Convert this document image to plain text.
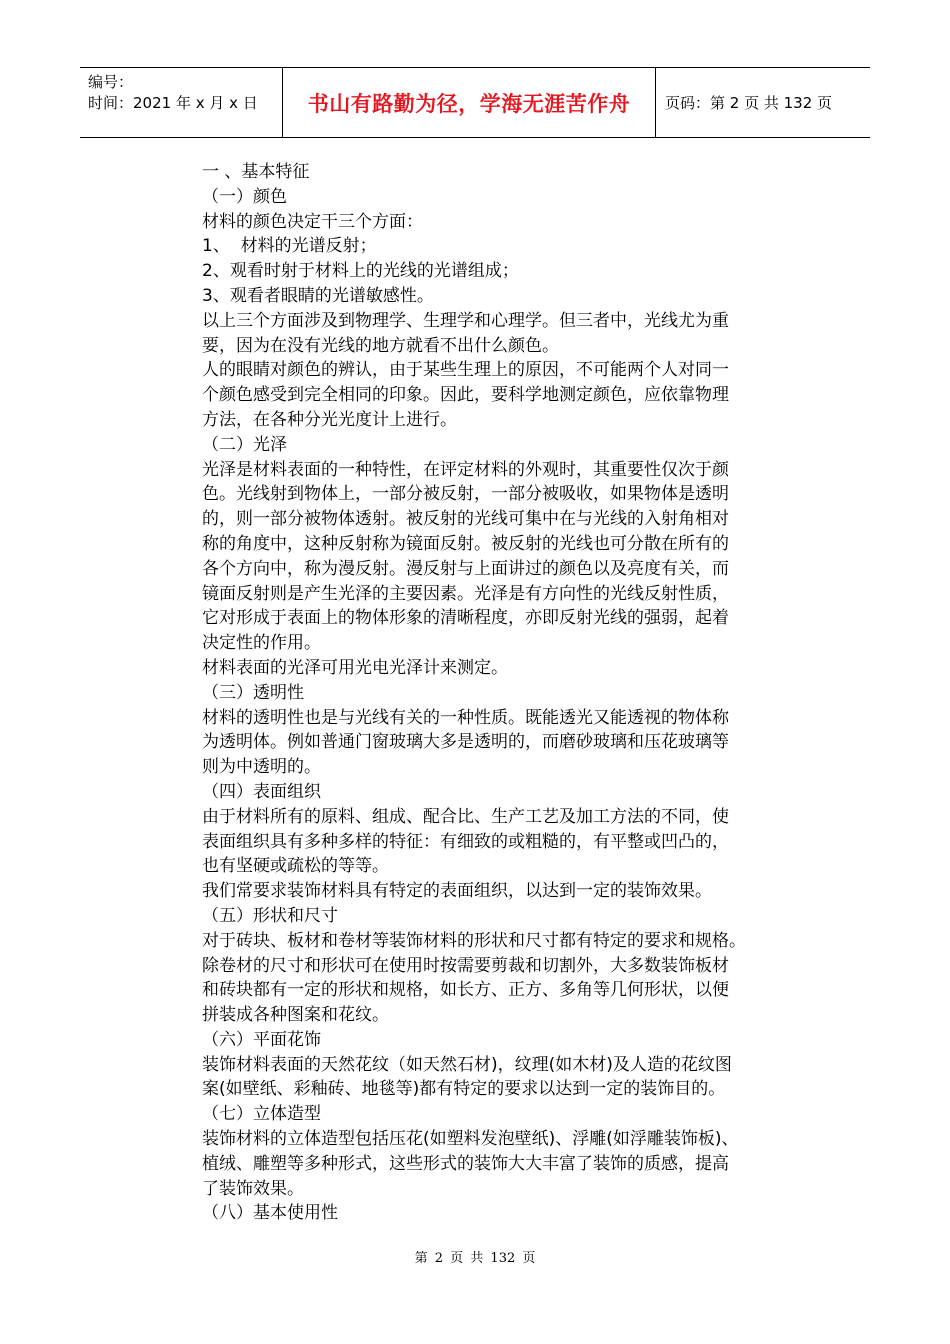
编号：
时间：2021 年 x 月 x 日	书山有路勤为径，学海无涯苦作舟	页码：第 2 页 共 132 页

一 、基本特征

（一）颜色

材料的颜色决定干三个方面：

1、  材料的光谱反射；

2、观看时射于材料上的光线的光谱组成；

3、观看者眼睛的光谱敏感性。

以上三个方面涉及到物理学、生理学和心理学。但三者中，光线尤为重

要，因为在没有光线的地方就看不出什么颜色。

人的眼睛对颜色的辨认，由于某些生理上的原因，不可能两个人对同一

个颜色感受到完全相同的印象。因此，要科学地测定颜色，应依靠物理

方法，在各种分光光度计上进行。

（二）光泽

光泽是材料表面的一种特性，在评定材料的外观时，其重要性仅次于颜

色。光线射到物体上，一部分被反射，一部分被吸收，如果物体是透明

的，则一部分被物体透射。被反射的光线可集中在与光线的入射角相对

称的角度中，这种反射称为镜面反射。被反射的光线也可分散在所有的

各个方向中，称为漫反射。漫反射与上面讲过的颜色以及亮度有关，而

镜面反射则是产生光泽的主要因素。光泽是有方向性的光线反射性质，

它对形成于表面上的物体形象的清晰程度，亦即反射光线的强弱，起着

决定性的作用。

材料表面的光泽可用光电光泽计来测定。

（三）透明性

材料的透明性也是与光线有关的一种性质。既能透光又能透视的物体称

为透明体。例如普通门窗玻璃大多是透明的，而磨砂玻璃和压花玻璃等

则为中透明的。

（四）表面组织

由于材料所有的原料、组成、配合比、生产工艺及加工方法的不同，使

表面组织具有多种多样的特征：有细致的或粗糙的，有平整或凹凸的，

也有坚硬或疏松的等等。

我们常要求装饰材料具有特定的表面组织，以达到一定的装饰效果。

（五）形状和尺寸

对于砖块、板材和卷材等装饰材料的形状和尺寸都有特定的要求和规格。

除卷材的尺寸和形状可在使用时按需要剪裁和切割外，大多数装饰板材

和砖块都有一定的形状和规格，如长方、正方、多角等几何形状，以便

拼装成各种图案和花纹。

（六）平面花饰

装饰材料表面的天然花纹（如天然石材)，纹理(如木材)及人造的花纹图

案(如壁纸、彩釉砖、地毯等)都有特定的要求以达到一定的装饰目的。

（七）立体造型

装饰材料的立体造型包括压花(如塑料发泡壁纸)、浮雕(如浮雕装饰板)、

植绒、雕塑等多种形式，这些形式的装饰大大丰富了装饰的质感，提高

了装饰效果。

（八）基本使用性

第 2 页 共 132 页
